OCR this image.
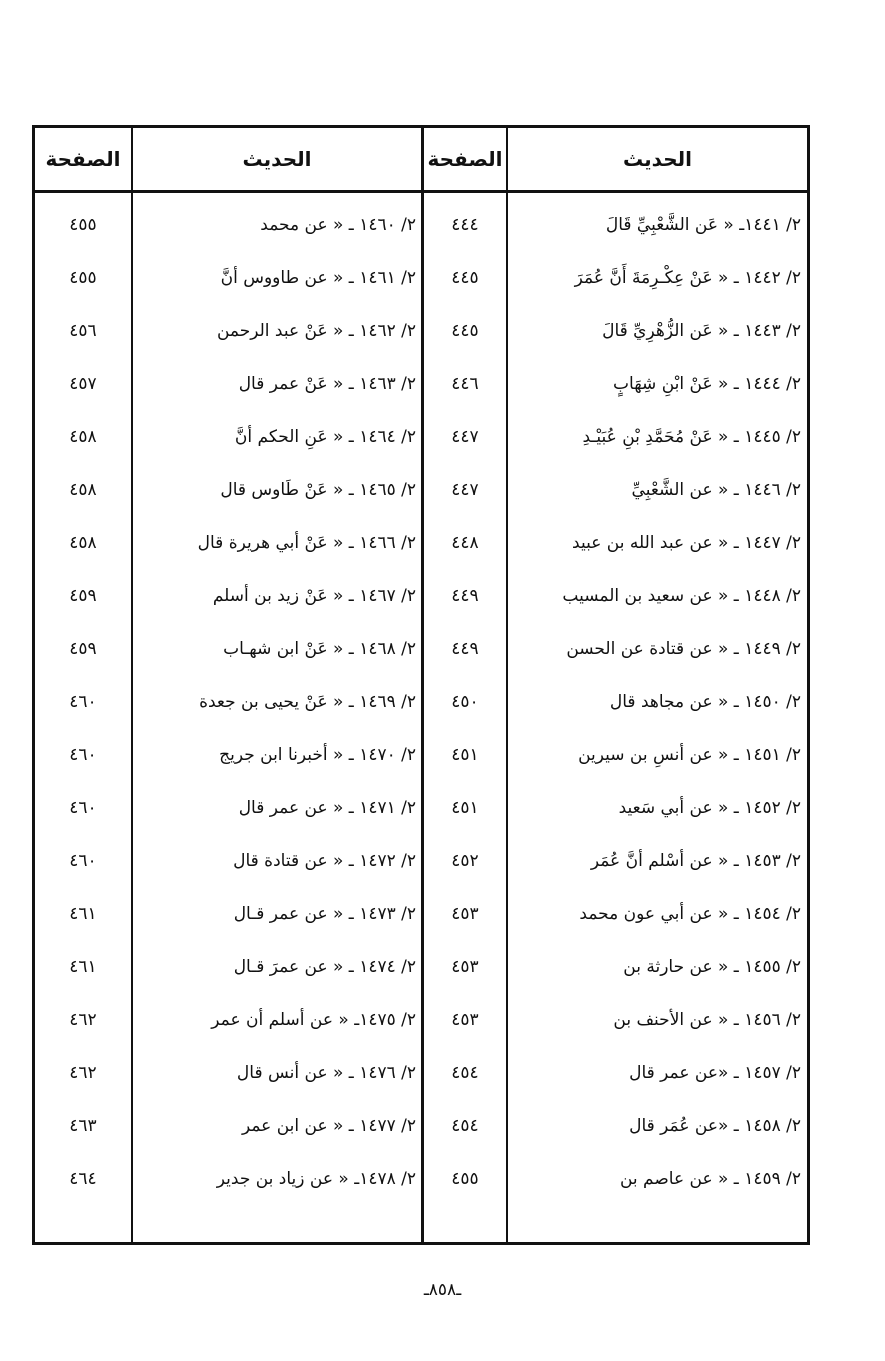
الحديث
الصفحة
الحديث
الصفحة
٢/ ١٤٤١ـ « عَن الشَّعْبِيِّ قَالَ
٤٤٤
٢/ ١٤٤٢ ـ « عَنْ عِكْـرِمَةَ أَنَّ عُمَرَ
٤٤٥
٢/ ١٤٤٣ ـ « عَن الزُّهْرِيِّ قَالَ
٤٤٥
٢/ ١٤٤٤ ـ « عَنْ ابْنِ شِهَابٍ
٤٤٦
٢/ ١٤٤٥ ـ « عَنْ مُحَمَّدِ بْنِ عُبَيْـدِ
٤٤٧
٢/ ١٤٤٦ ـ « عن الشَّعْبِيِّ
٤٤٧
٢/ ١٤٤٧ ـ « عن عبد الله بن عبيد
٤٤٨
٢/ ١٤٤٨ ـ « عن سعيد بن المسيب
٤٤٩
٢/ ١٤٤٩ ـ « عن قتادة عن الحسن
٤٤٩
٢/ ١٤٥٠ ـ « عن مجاهد قال
٤٥٠
٢/ ١٤٥١ ـ « عن أنسِ بن سيرين
٤٥١
٢/ ١٤٥٢ ـ « عن أبي سَعيد
٤٥١
٢/ ١٤٥٣ ـ « عن أسْلم أنَّ عُمَر
٤٥٢
٢/ ١٤٥٤ ـ « عن أبي عون محمد
٤٥٣
٢/ ١٤٥٥ ـ « عن حارثة بن
٤٥٣
٢/ ١٤٥٦ ـ « عن الأحنف بن
٤٥٣
٢/ ١٤٥٧ ـ «عن عمر قال
٤٥٤
٢/ ١٤٥٨ ـ «عن عُمَر قال
٤٥٤
٢/ ١٤٥٩ ـ « عن عاصم بن
٤٥٥
٢/ ١٤٦٠ ـ « عن محمد
٤٥٥
٢/ ١٤٦١ ـ « عن طاووس أنَّ
٤٥٥
٢/ ١٤٦٢ ـ « عَنْ عبد الرحمن
٤٥٦
٢/ ١٤٦٣ ـ « عَنْ عمر قال
٤٥٧
٢/ ١٤٦٤ ـ « عَنِ الحكم أنَّ
٤٥٨
٢/ ١٤٦٥ ـ « عَنْ طَاوس قال
٤٥٨
٢/ ١٤٦٦ ـ « عَنْ أبي هريرة قال
٤٥٨
٢/ ١٤٦٧ ـ « عَنْ زيد بن أسلم
٤٥٩
٢/ ١٤٦٨ ـ « عَنْ ابن شهـاب
٤٥٩
٢/ ١٤٦٩ ـ « عَنْ يحيى بن جعدة
٤٦٠
٢/ ١٤٧٠ ـ « أخبرنا ابن جريج
٤٦٠
٢/ ١٤٧١ ـ « عن عمر قال
٤٦٠
٢/ ١٤٧٢ ـ « عن قتادة قال
٤٦٠
٢/ ١٤٧٣ ـ « عن عمر قـال
٤٦١
٢/ ١٤٧٤ ـ « عن عمرَ قـال
٤٦١
٢/ ١٤٧٥ـ « عن أسلم أن عمر
٤٦٢
٢/ ١٤٧٦ ـ « عن أنس قال
٤٦٢
٢/ ١٤٧٧ ـ « عن ابن عمر
٤٦٣
٢/ ١٤٧٨ـ « عن زياد بن جدير
٤٦٤
ـ٨٥٨ـ
